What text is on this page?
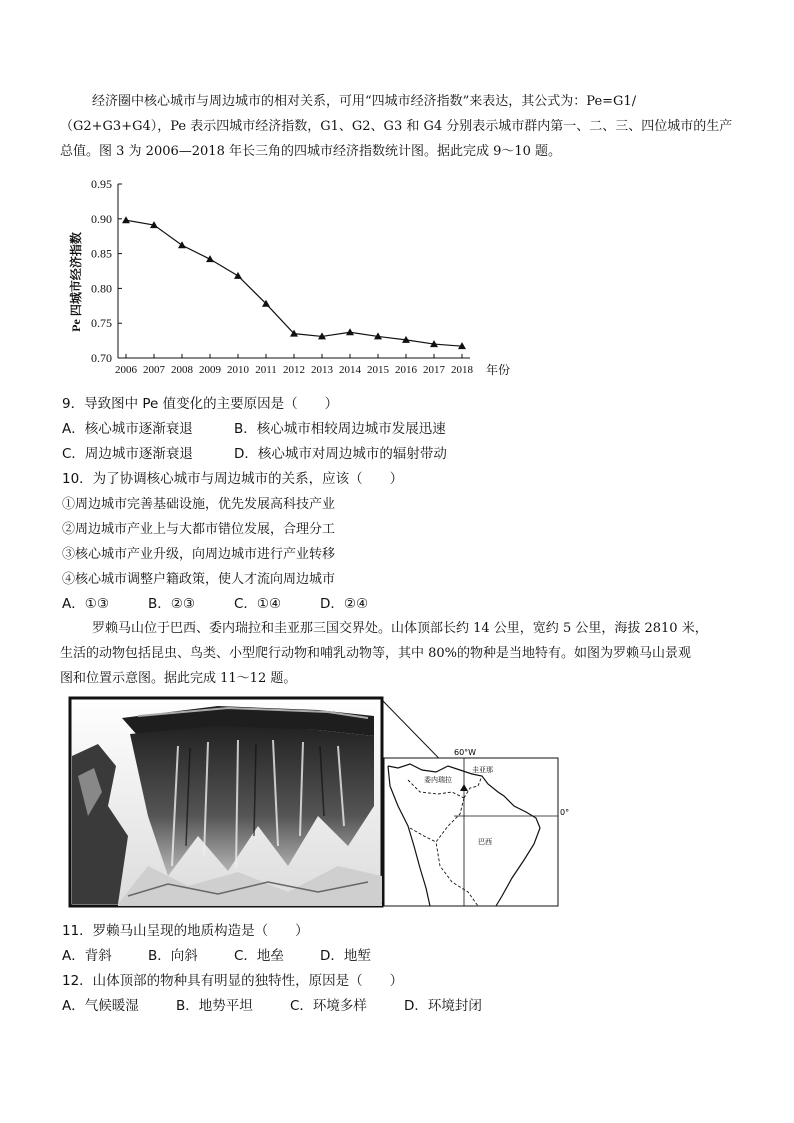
经济圈中核心城市与周边城市的相对关系，可用“四城市经济指数”来表达，其公式为：Pe=G1/
（G2+G3+G4），Pe 表示四城市经济指数，G1、G2、G3 和 G4 分别表示城市群内第一、二、三、四位城市的生产
总值。图 3 为 2006—2018 年长三角的四城市经济指数统计图。据此完成 9～10 题。
0.95
0.90
0.85
0.80
0.75
0.70
2006 2007 2008 2009 2010 2011 2012 2013 2014 2015 2016 2017 2018
Pe 四城市经济指数
年份
9．导致图中 Pe 值变化的主要原因是（　　）
A．核心城市逐渐衰退	B．核心城市相较周边城市发展迅速
C．周边城市逐渐衰退	D．核心城市对周边城市的辐射带动
10．为了协调核心城市与周边城市的关系，应该（　　）
①周边城市完善基础设施，优先发展高科技产业
②周边城市产业上与大都市错位发展，合理分工
③核心城市产业升级，向周边城市进行产业转移
④核心城市调整户籍政策，使人才流向周边城市
A．①③	B．②③	C．①④	D．②④
罗赖马山位于巴西、委内瑞拉和圭亚那三国交界处。山体顶部长约 14 公里，宽约 5 公里，海拔 2810 米，
生活的动物包括昆虫、鸟类、小型爬行动物和哺乳动物等，其中 80%的物种是当地特有。如图为罗赖马山景观
图和位置示意图。据此完成 11～12 题。
60°W
0°
委内瑞拉
圭亚那
巴西
11．罗赖马山呈现的地质构造是（　　）
A．背斜	B．向斜	C．地垒	D．地堑
12．山体顶部的物种具有明显的独特性，原因是（　　）
A．气候暖湿	B．地势平坦	C．环境多样	D．环境封闭
